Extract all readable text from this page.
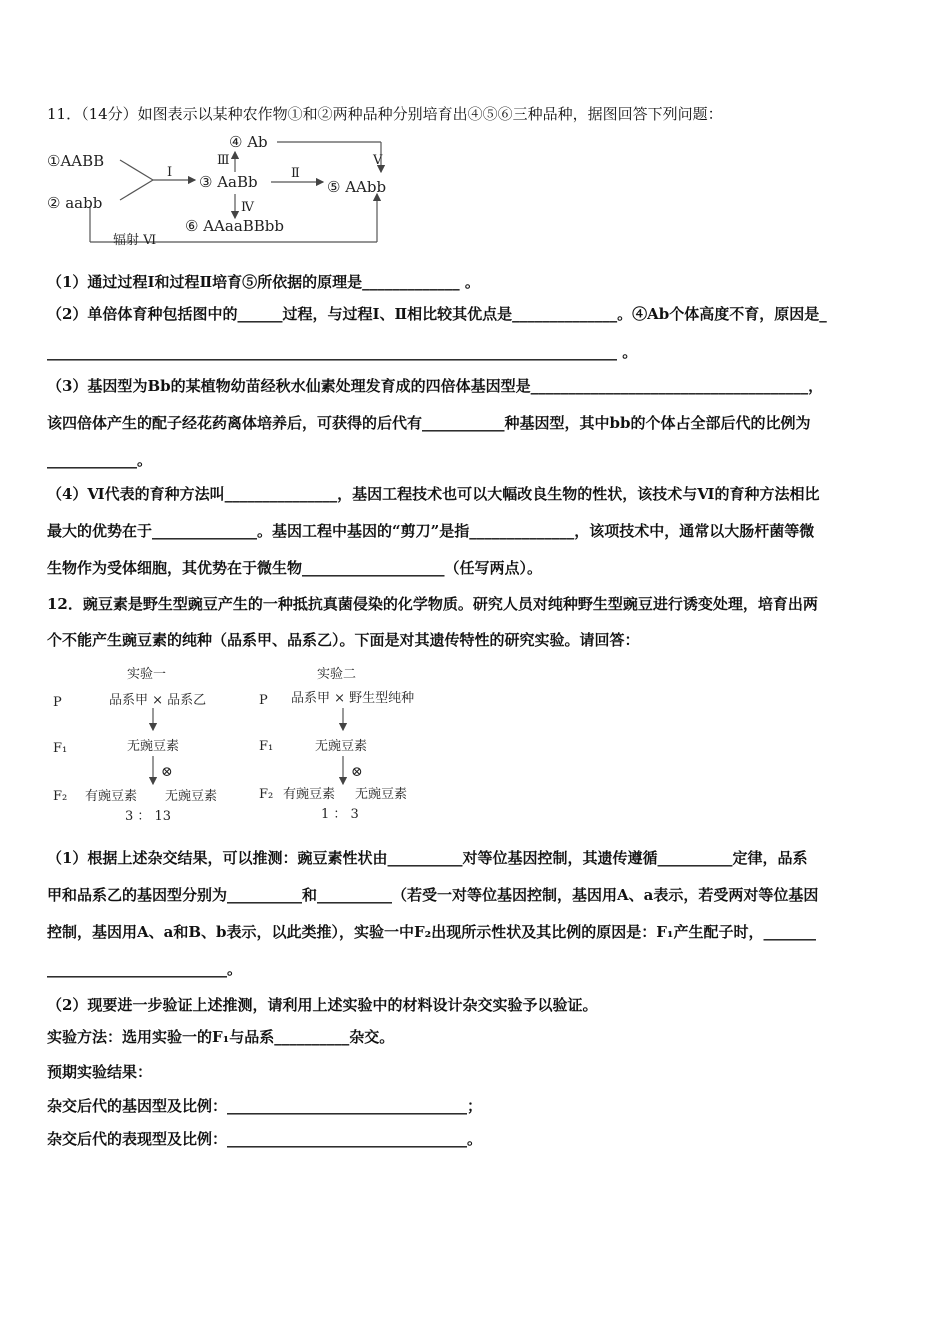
11．（14分）如图表示以某种农作物①和②两种品种分别培育出④⑤⑥三种品种，据图回答下列问题：
①AABB
② aabb
③ AaBb
④ Ab
⑤ AAbb
⑥ AAaaBBbb
I	Ⅱ
Ⅲ
Ⅳ
V
辐射 Ⅵ
（1）通过过程Ⅰ和过程Ⅱ培育⑤所依据的原理是_____________ 。
（2）单倍体育种包括图中的______过程，与过程Ⅰ、Ⅱ相比较其优点是______________。④Ab个体高度不育，原因是_
____________________________________________________________________________ 。
（3）基因型为Bb的某植物幼苗经秋水仙素处理发育成的四倍体基因型是_____________________________________，
该四倍体产生的配子经花药离体培养后，可获得的后代有___________种基因型，其中bb的个体占全部后代的比例为
____________。
（4）Ⅵ代表的育种方法叫_______________，基因工程技术也可以大幅改良生物的性状，该技术与Ⅵ的育种方法相比
最大的优势在于______________。基因工程中基因的“剪刀”是指______________，该项技术中，通常以大肠杆菌等微
生物作为受体细胞，其优势在于微生物___________________（任写两点）。
12．豌豆素是野生型豌豆产生的一种抵抗真菌侵染的化学物质。研究人员对纯种野生型豌豆进行诱变处理，培育出两
个不能产生豌豆素的纯种（品系甲、品系乙）。下面是对其遗传特性的研究实验。请回答：
实验一
P	品系甲 × 品系乙
F₁	无豌豆素
⊗
F₂ 有豌豆素 无豌豆素
3 ： 13
实验二
P 品系甲 × 野生型纯种
F₁	无豌豆素
⊗
F₂ 有豌豆素 无豌豆素
1 ： 3
（1）根据上述杂交结果，可以推测：豌豆素性状由__________对等位基因控制，其遗传遵循__________定律，品系
甲和品系乙的基因型分别为__________和__________（若受一对等位基因控制，基因用A、a表示，若受两对等位基因
控制，基因用A、a和B、b表示，以此类推），实验一中F₂出现所示性状及其比例的原因是：F₁产生配子时，_______
________________________。
（2）现要进一步验证上述推测，请利用上述实验中的材料设计杂交实验予以验证。
实验方法：选用实验一的F₁与品系__________杂交。
预期实验结果：
杂交后代的基因型及比例：________________________________；
杂交后代的表现型及比例：________________________________。
